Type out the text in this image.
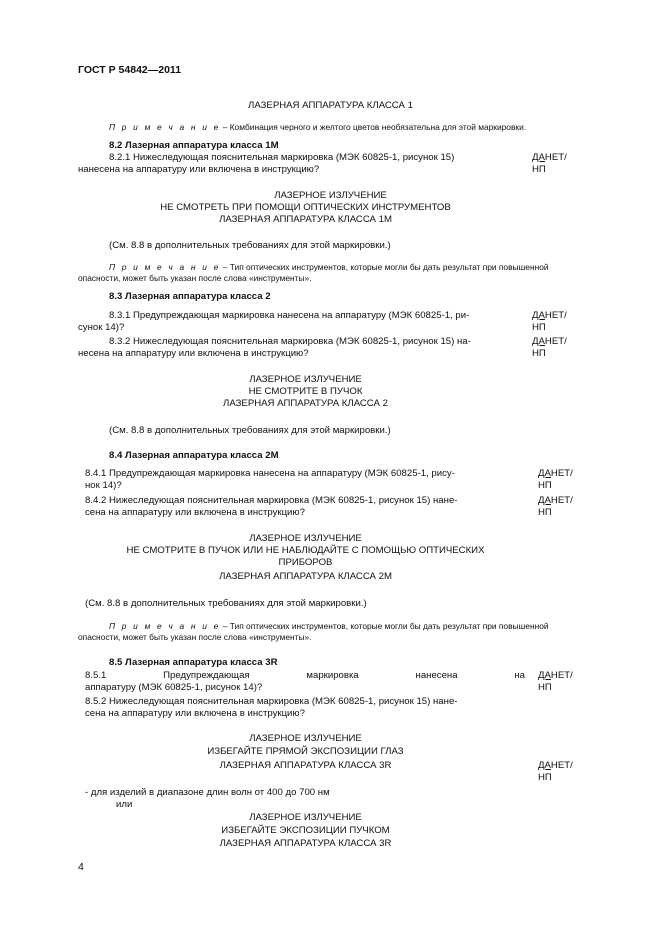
ГОСТ Р 54842—2011
ЛАЗЕРНАЯ АППАРАТУРА КЛАССА 1
П р и м е ч а н и е – Комбинация черного и желтого цветов необязательна для этой маркировки.
8.2 Лазерная аппаратура класса 1М
8.2.1 Нижеследующая пояснительная маркировка (МЭК 60825-1, рисунок 15)
нанесена на аппаратуру или включена в инструкцию?
ДАНЕТ/
НП
ЛАЗЕРНОЕ ИЗЛУЧЕНИЕ
НЕ СМОТРЕТЬ ПРИ ПОМОЩИ ОПТИЧЕСКИХ ИНСТРУМЕНТОВ
ЛАЗЕРНАЯ АППАРАТУРА КЛАССА 1М
(См. 8.8 в дополнительных требованиях для этой маркировки.)
П р и м е ч а н и е – Тип оптических инструментов, которые могли бы дать результат при повышенной
опасности, может быть указан после слова «инструменты».
8.3 Лазерная аппаратура класса 2
8.3.1 Предупреждающая маркировка нанесена на аппаратуру (МЭК 60825-1, ри-
сунок 14)?
ДАНЕТ/
НП
8.3.2 Нижеследующая пояснительная маркировка (МЭК 60825-1, рисунок 15) на-
несена на аппаратуру или включена в инструкцию?
ДАНЕТ/
НП
ЛАЗЕРНОЕ ИЗЛУЧЕНИЕ
НЕ СМОТРИТЕ В ПУЧОК
ЛАЗЕРНАЯ АППАРАТУРА КЛАССА 2
(См. 8.8 в дополнительных требованиях для этой маркировки.)
8.4 Лазерная аппаратура класса 2М
8.4.1 Предупреждающая маркировка нанесена на аппаратуру (МЭК 60825-1, рису-
нок 14)?
ДАНЕТ/
НП
8.4.2 Нижеследующая пояснительная маркировка (МЭК 60825-1, рисунок 15) нане-
сена на аппаратуру или включена в инструкцию?
ДАНЕТ/
НП
ЛАЗЕРНОЕ ИЗЛУЧЕНИЕ
НЕ СМОТРИТЕ В ПУЧОК ИЛИ НЕ НАБЛЮДАЙТЕ С ПОМОЩЬЮ ОПТИЧЕСКИХ
ПРИБОРОВ
ЛАЗЕРНАЯ АППАРАТУРА КЛАССА 2М
(См. 8.8 в дополнительных требованиях для этой маркировки.)
П р и м е ч а н и е – Тип оптических инструментов, которые могли бы дать результат при повышенной
опасности, может быть указан после слова «инструменты».
8.5 Лазерная аппаратура класса 3R
8.5.1	Предупреждающая	маркировка	нанесена	на
аппаратуру (МЭК 60825-1, рисунок 14)?
ДАНЕТ/
НП
8.5.2 Нижеследующая пояснительная маркировка (МЭК 60825-1, рисунок 15) нане-
сена на аппаратуру или включена в инструкцию?
ЛАЗЕРНОЕ ИЗЛУЧЕНИЕ
ИЗБЕГАЙТЕ ПРЯМОЙ ЭКСПОЗИЦИИ ГЛАЗ
ЛАЗЕРНАЯ АППАРАТУРА КЛАССА 3R	ДАНЕТ/
НП
- для изделий в диапазоне длин волн от 400 до 700 нм
или
ЛАЗЕРНОЕ ИЗЛУЧЕНИЕ
ИЗБЕГАЙТЕ ЭКСПОЗИЦИИ ПУЧКОМ
ЛАЗЕРНАЯ АППАРАТУРА КЛАССА 3R
4
